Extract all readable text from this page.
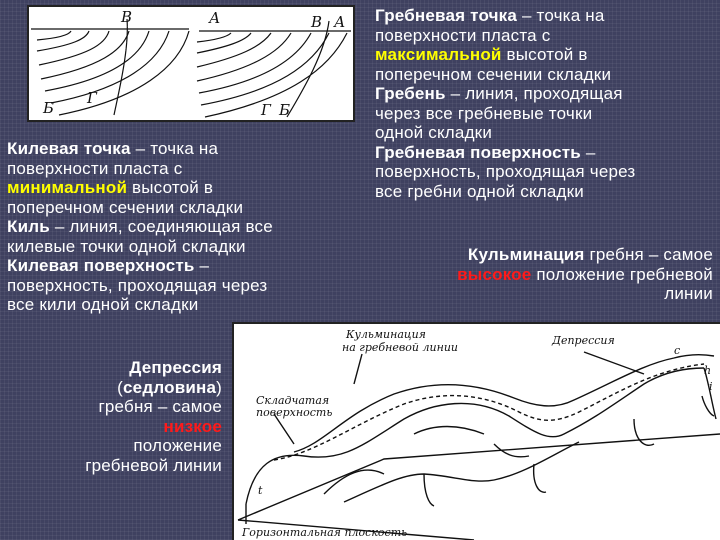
В	А	В А
Б
Г
Г Б
Килевая точка – точка на
поверхности пласта с
минимальной высотой в
поперечном сечении складки
Киль – линия, соединяющая все
килевые точки одной складки
Килевая поверхность –
поверхность, проходящая через
все кили одной складки
Гребневая точка – точка на
поверхности пласта с
максимальной высотой в
поперечном сечении складки
Гребень – линия, проходящая
через все гребневые точки
одной складки
Гребневая поверхность –
поверхность, проходящая через
все гребни одной складки
Кульминация гребня – самое
высокое положение гребневой
линии
Депрессия
(седловина)
гребня – самое
низкое
положение
гребневой линии
Кульминация
на гребневой линии
Депрессия
Складчатая
поверхность
Горизонтальная плоскость
c
h
i
t
